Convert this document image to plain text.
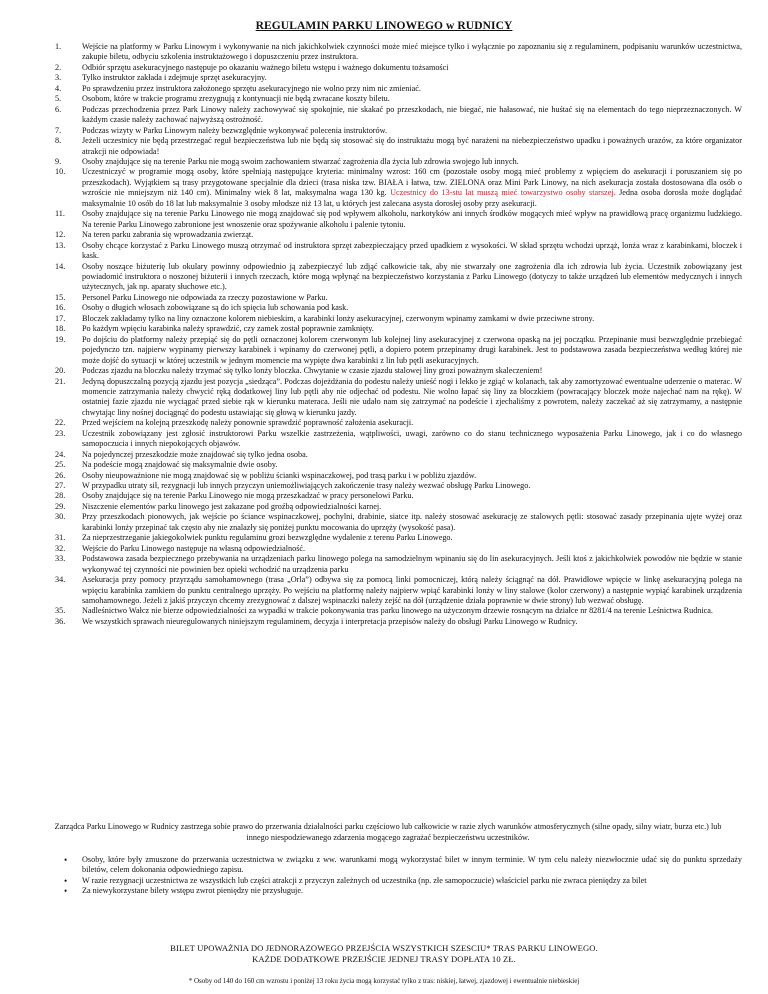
REGULAMIN PARKU LINOWEGO w RUDNICY
1.	Wejście na platformy w Parku Linowym i wykonywanie na nich jakichkolwiek czynności może mieć miejsce tylko i wyłącznie po zapoznaniu się z regulaminem, podpisaniu warunków uczestnictwa, zakupie biletu, odbyciu szkolenia instruktażowego i dopuszczeniu przez instruktora.
2.	Odbiór sprzętu asekuracyjnego następuje po okazaniu ważnego biletu wstępu i ważnego dokumentu tożsamości
3.	Tylko instruktor zakłada i zdejmuje sprzęt asekuracyjny.
4.	Po sprawdzeniu przez instruktora założonego sprzętu asekuracyjnego nie wolno przy nim nic zmieniać.
5.	Osobom, które w trakcie programu zrezygnują z kontynuacji nie będą zwracane koszty biletu.
6.	Podczas przechodzenia przez Park Linowy należy zachowywać się spokojnie, nie skakać po przeszkodach, nie biegać, nie hałasować, nie huśtać się na elementach do tego nieprzeznaczonych. W każdym czasie należy zachować najwyższą ostrożność.
7.	Podczas wizyty w Parku Linowym należy bezwzględnie wykonywać polecenia instruktorów.
8.	Jeżeli uczestnicy nie będą przestrzegać reguł bezpieczeństwa lub nie będą się stosować się do instruktażu mogą być narażeni na niebezpieczeństwo upadku i poważnych urazów, za które organizator atrakcji nie odpowiada!
9.	Osoby znajdujące się na terenie Parku nie mogą swoim zachowaniem stwarzać zagrożenia dla życia lub zdrowia swojego lub innych.
10.	Uczestniczyć w programie mogą osoby, które spełniają następujące kryteria: minimalny wzrost: 160 cm (pozostałe osoby mogą mieć problemy z wpięciem do asekuracji i poruszaniem się po przeszkodach). Wyjątkiem są trasy przygotowane specjalnie dla dzieci (trasa niska tzw. BIAŁA i łatwa, tzw. ZIELONA oraz Mini Park Linowy, na nich asekuracja została dostosowana dla osób o wzroście nie mniejszym niż 140 cm). Minimalny wiek 8 lat, maksymalna waga 130 kg. Uczestnicy do 13-stu lat muszą mieć towarzystwo osoby starszej. Jedna osoba dorosła może doglądać maksymalnie 10 osób do 18 lat lub maksymalnie 3 osoby młodsze niż 13 lat, u których jest zalecana asysta dorosłej osoby przy asekuracji.
11.	Osoby znajdujące się na terenie Parku Linowego nie mogą znajdować się pod wpływem alkoholu, narkotyków ani innych środków mogących mieć wpływ na prawidłową pracę organizmu ludzkiego. Na terenie Parku Linowego zabronione jest wnoszenie oraz spożywanie alkoholu i palenie tytoniu.
12.	Na teren parku zabrania się wprowadzania zwierząt.
13.	Osoby chcące korzystać z Parku Linowego muszą otrzymać od instruktora sprzęt zabezpieczający przed upadkiem z wysokości. W skład sprzętu wchodzi uprząż, lonża wraz z karabinkami, bloczek i kask.
14.	Osoby noszące biżuterię lub okulary powinny odpowiednio ją zabezpieczyć lub zdjąć całkowicie tak, aby nie stwarzały one zagrożenia dla ich zdrowia lub życia. Uczestnik zobowiązany jest powiadomić instruktora o noszonej biżuterii i innych rzeczach, które mogą wpłynąć na bezpieczeństwo korzystania z Parku Linowego (dotyczy to także urządzeń lub elementów medycznych i innych użytecznych, jak np. aparaty słuchowe etc.).
15.	Personel Parku Linowego nie odpowiada za rzeczy pozostawione w Parku.
16.	Osoby o długich włosach zobowiązane są do ich spięcia lub schowania pod kask.
17.	Bloczek zakładamy tylko na liny oznaczone kolorem niebieskim, a karabinki lonży asekuracyjnej, czerwonym wpinamy zamkami w dwie przeciwne strony.
18.	Po każdym wpięciu karabinka należy sprawdzić, czy zamek został poprawnie zamknięty.
19.	Po dojściu do platformy należy przepiąć się do pętli oznaczonej kolorem czerwonym lub kolejnej liny asekuracyjnej z czerwona opaską na jej początku. Przepinanie musi bezwzględnie przebiegać pojedynczo tzn. najpierw wypinamy pierwszy karabinek i wpinamy do czerwonej pętli, a dopiero potem przepinamy drugi karabinek. Jest to podstawowa zasada bezpieczeństwa według której nie może dojść do sytuacji w której uczestnik w jednym momencie ma wypięte dwa karabinki z lin lub pętli asekuracyjnych.
20.	Podczas zjazdu na bloczku należy trzymać się tylko lonży bloczka. Chwytanie w czasie zjazdu stalowej liny grozi poważnym skaleczeniem!
21.	Jedyną dopuszczalną pozycją zjazdu jest pozycja „siedząca”. Podczas dojeżdżania do podestu należy unieść nogi i lekko je zgiąć w kolanach, tak aby zamortyzować ewentualne uderzenie o materac. W momencie zatrzymania należy chwycić ręką dodatkowej liny lub pętli aby nie odjechać od podestu. Nie wolno łapać się liny za bloczkiem (powracający bloczek może najechać nam na rękę). W ostatniej fazie zjazdu nie wyciągać przed siebie rąk w kierunku materaca. Jeśli nie udało nam się zatrzymać na podeście i zjechaliśmy z powrotem, należy zaczekać aż się zatrzymamy, a następnie chwytając liny nośnej dociągnąć do podestu ustawiając się głową w kierunku jazdy.
22.	Przed wejściem na kolejną przeszkodę należy ponownie sprawdzić poprawność założenia asekuracji.
23.	Uczestnik zobowiązany jest zgłosić instruktorowi Parku wszelkie zastrzeżenia, wątpliwości, uwagi, zarówno co do stanu technicznego wyposażenia Parku Linowego, jak i co do własnego samopoczucia i innych niepokojących objawów.
24.	Na pojedynczej przeszkodzie może znajdować się tylko jedna osoba.
25.	Na podeście mogą znajdować się maksymalnie dwie osoby.
26.	Osoby nieupoważnione nie mogą znajdować się w pobliżu ścianki wspinaczkowej, pod trasą parku i w pobliżu zjazdów.
27.	W przypadku utraty sił, rezygnacji lub innych przyczyn uniemożliwiających zakończenie trasy należy wezwać obsługę Parku Linowego.
28.	Osoby znajdujące się na terenie Parku Linowego nie mogą przeszkadzać w pracy personelowi Parku.
29.	Niszczenie elementów parku linowego jest zakazane pod groźbą odpowiedzialności karnej.
30.	Przy przeszkodach pionowych, jak wejście po ściance wspinaczkowej, pochylni, drabinie, siatce itp. należy stosować asekurację ze stalowych pętli: stosować zasady przepinania ujęte wyżej oraz karabinki lonży przepinać tak często aby nie znalazły się poniżej punktu mocowania do uprzęży (wysokość pasa).
31.	Za nieprzestrzeganie jakiegokolwiek punktu regulaminu grozi bezwzględne wydalenie z terenu Parku Linowego.
32.	Wejście do Parku Linowego następuje na własną odpowiedzialność.
33.	Podstawowa zasada bezpiecznego przebywania na urządzeniach parku linowego polega na samodzielnym wpinaniu się do lin asekuracyjnych. Jeśli ktoś z jakichkolwiek powodów nie będzie w stanie wykonywać tej czynności nie powinien bez opieki wchodzić na urządzenia parku
34.	Asekuracja przy pomocy przyrządu samohamownego (trasa „Orla”) odbywa się za pomocą linki pomocniczej, którą należy ściągnąć na dół. Prawidłowe wpięcie w linkę asekuracyjną polega na wpięciu karabinka zamkiem do punktu centralnego uprzęży. Po wejściu na platformę należy najpierw wpiąć karabinki lonży w liny stalowe (kolor czerwony) a następnie wypiąć karabinek urządzenia samohamownego. Jeżeli z jakiś przyczyn chcemy zrezygnować z dalszej wspinaczki należy zejść na dół (urządzenie działa poprawnie w dwie strony) lub wezwać obsługę.
35.	Nadleśnictwo Wałcz nie bierze odpowiedzialności za wypadki w trakcie pokonywania tras parku linowego na użyczonym drzewie rosnącym na działce nr 8281/4 na terenie Leśnictwa Rudnica.
36.	We wszystkich sprawach nieuregulowanych niniejszym regulaminem, decyzja i interpretacja przepisów należy do obsługi Parku Linowego w Rudnicy.
Zarządca Parku Linowego w Rudnicy zastrzega sobie prawo do przerwania działalności parku częściowo lub całkowicie w razie złych warunków atmosferycznych (silne opady, silny wiatr, burza etc.) lub innego niespodziewanego zdarzenia mogącego zagrażać bezpieczeństwu uczestników.
• Osoby, które były zmuszone do przerwania uczestnictwa w związku z ww. warunkami mogą wykorzystać bilet w innym terminie. W tym celu należy niezwłocznie udać się do punktu sprzedaży biletów, celem dokonania odpowiedniego zapisu.
• W razie rezygnacji uczestnictwa ze wszystkich lub części atrakcji z przyczyn zależnych od uczestnika (np. złe samopoczucie) właściciel parku nie zwraca pieniędzy za bilet
• Za niewykorzystane bilety wstępu zwrot pieniędzy nie przysługuje.
BILET UPOWAŻNIA DO JEDNORAZOWEGO PRZEJŚCIA WSZYSTKICH SZESCIU* TRAS PARKU LINOWEGO.
KAŻDE DODATKOWE PRZEJŚCIE JEDNEJ TRASY DOPŁATA 10 ZŁ.
* Osoby od 140 do 160 cm wzrostu i poniżej 13 roku życia mogą korzystać tylko z tras: niskiej, łatwej, zjazdowej i ewentualnie niebieskiej
